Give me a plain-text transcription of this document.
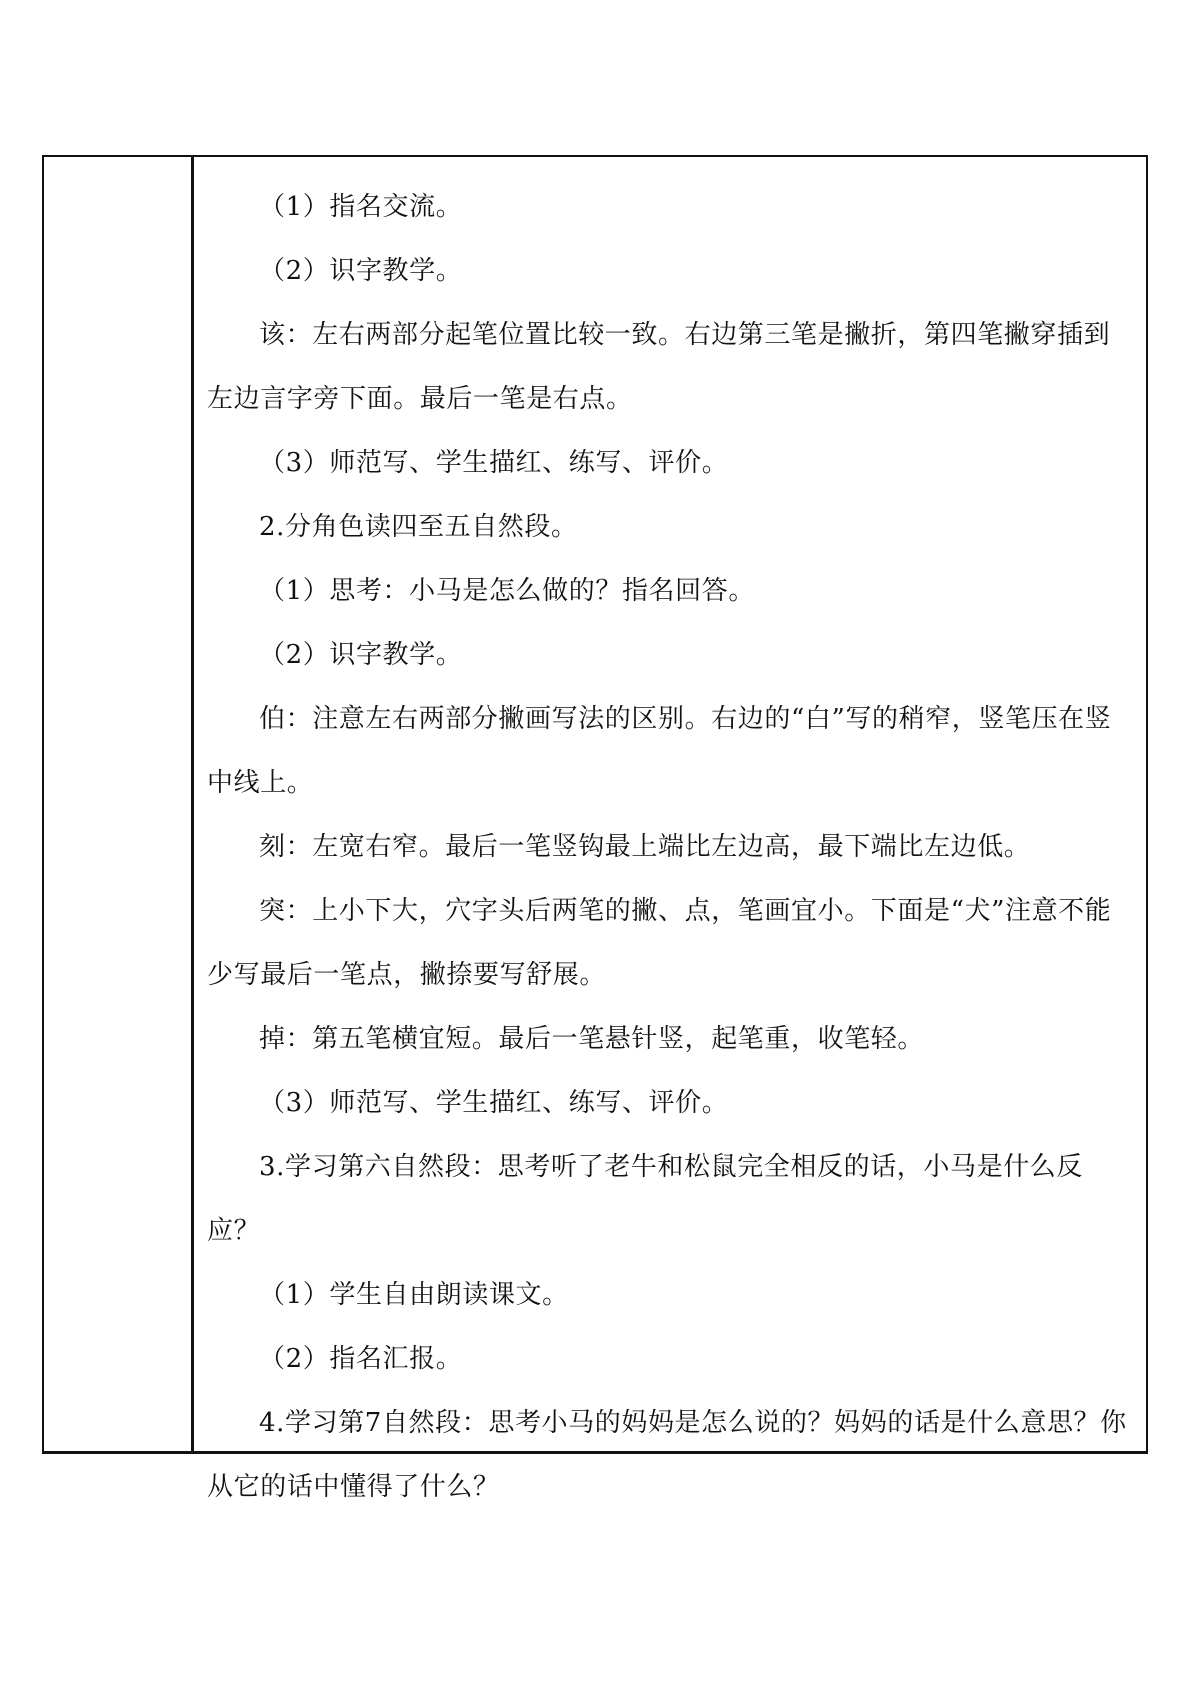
（1）指名交流。

（2）识字教学。

该：左右两部分起笔位置比较一致。右边第三笔是撇折，第四笔撇穿插到左边言字旁下面。最后一笔是右点。

（3）师范写、学生描红、练写、评价。

2.分角色读四至五自然段。

（1）思考：小马是怎么做的？指名回答。

（2）识字教学。

伯：注意左右两部分撇画写法的区别。右边的“白”写的稍窄，竖笔压在竖中线上。

刻：左宽右窄。最后一笔竖钩最上端比左边高，最下端比左边低。

突：上小下大，穴字头后两笔的撇、点，笔画宜小。下面是“犬”注意不能少写最后一笔点，撇捺要写舒展。

掉：第五笔横宜短。最后一笔悬针竖，起笔重，收笔轻。

（3）师范写、学生描红、练写、评价。

3.学习第六自然段：思考听了老牛和松鼠完全相反的话，小马是什么反应？

（1）学生自由朗读课文。

（2）指名汇报。

4.学习第7自然段：思考小马的妈妈是怎么说的？妈妈的话是什么意思？你从它的话中懂得了什么？
